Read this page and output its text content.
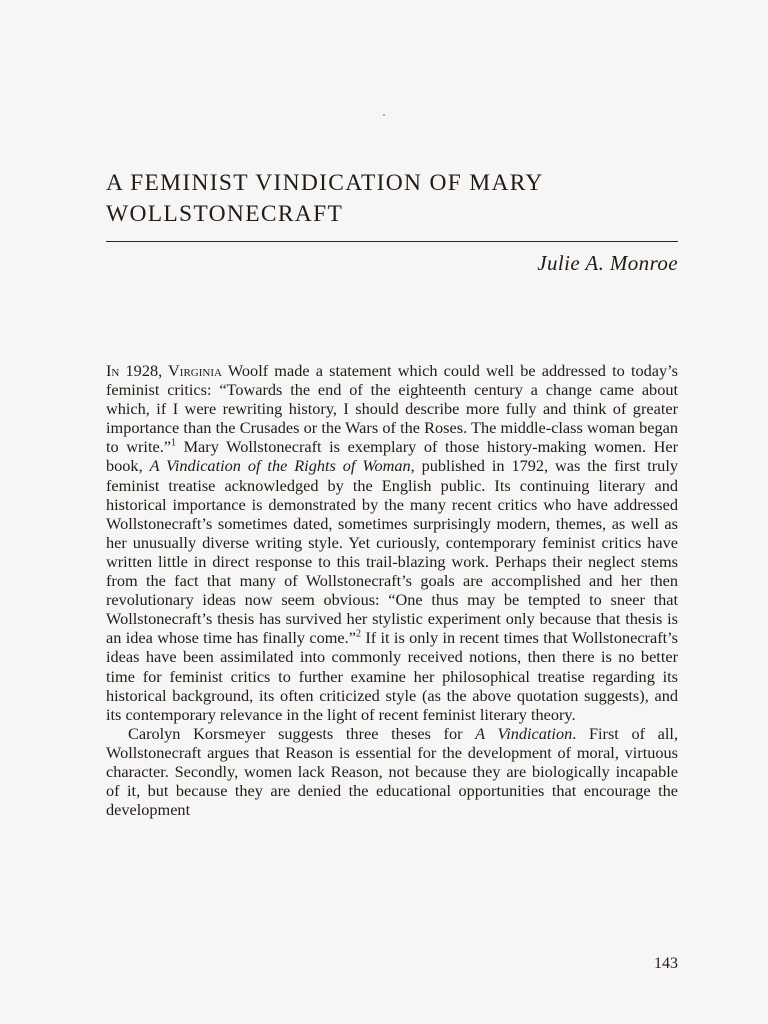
A FEMINIST VINDICATION OF MARY
WOLLSTONECRAFT

Julie A. Monroe

In 1928, Virginia Woolf made a statement which could well be addressed to today’s feminist critics: “Towards the end of the eighteenth century a change came about which, if I were rewriting history, I should describe more fully and think of greater importance than the Crusades or the Wars of the Roses. The middle-class woman began to write.”$^1$ Mary Wollstonecraft is exemplary of those history-making women. Her book, A Vindication of the Rights of Woman, published in 1792, was the first truly feminist treatise acknowledged by the English public. Its continuing literary and historical importance is demonstrated by the many recent critics who have addressed Wollstonecraft’s sometimes dated, sometimes surprisingly modern, themes, as well as her unusually diverse writing style. Yet curiously, contemporary feminist critics have written little in direct response to this trail-blazing work. Perhaps their neglect stems from the fact that many of Wollstonecraft’s goals are accomplished and her then revolutionary ideas now seem obvious: “One thus may be tempted to sneer that Wollstonecraft’s thesis has survived her stylistic experiment only because that thesis is an idea whose time has finally come.”$^2$ If it is only in recent times that Wollstonecraft’s ideas have been assimilated into commonly received notions, then there is no better time for feminist critics to further examine her philosophical treatise regarding its historical background, its often criticized style (as the above quotation suggests), and its contemporary relevance in the light of recent feminist literary theory.

Carolyn Korsmeyer suggests three theses for A Vindication. First of all, Wollstonecraft argues that Reason is essential for the development of moral, virtuous character. Secondly, women lack Reason, not because they are biologically incapable of it, but because they are denied the educational opportunities that encourage the development

143
